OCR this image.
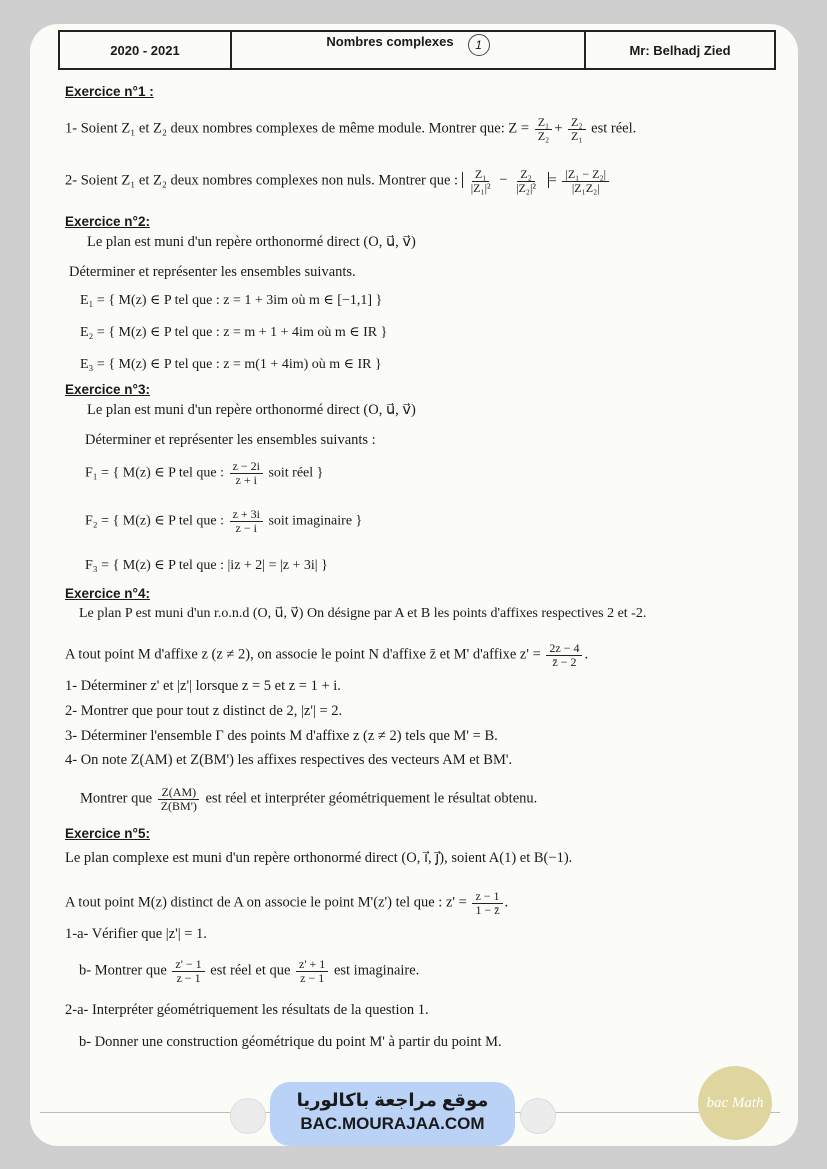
2020 - 2021
Nombres complexes	1	Mr: Belhadj Zied
Exercice n°1 :
1- Soient Z₁ et Z₂ deux nombres complexes de même module. Montrer que: $Z = \frac{\text{Z₁}}{\text{Z₂}} + \frac{\text{Z₂}}{\text{Z₁}}$ est réel.
2- Soient Z₁ et Z₂ deux nombres complexes non nuls. Montrer que : $\frac{\text{Z₁}}{\text{|Z₁|²}} - \frac{\text{Z₂}}{\text{|Z₂|²}} = \frac{\text{|Z₁ − Z₂|}}{\text{|Z₁Z₂|}}$
Exercice n°2:
Le plan est muni d'un repère orthonormé direct (O, u⃗, v⃗)
Déterminer et représenter les ensembles suivants.
E₁ = { M(z) ∈ P tel que : z = 1 + 3im où m ∈ [−1,1] }
E₂ = { M(z) ∈ P tel que : z = m + 1 + 4im où m ∈ IR }
E₃ = { M(z) ∈ P tel que : z = m(1 + 4im) où m ∈ IR }
Exercice n°3:
Le plan est muni d'un repère orthonormé direct (O, u⃗, v⃗)
Déterminer et représenter les ensembles suivants :
F₁ = { M(z) ∈ P tel que : $\frac{z - 2i}{z + i}$ soit réel }
F₂ = { M(z) ∈ P tel que : $\frac{z + 3i}{z - i}$ soit imaginaire }
F₃ = { M(z) ∈ P tel que : |iz + 2| = |z + 3i| }
Exercice n°4:
Le plan P est muni d'un r.o.n.d (O, u⃗, v⃗) On désigne par A et B les points d'affixes respectives 2 et -2.
A tout point M d'affixe z (z ≠ 2), on associe le point N d'affixe z̄ et M' d'affixe $z' = \frac{2z - 4}{z̄ - 2}$ .
1- Déterminer z' et |z'| lorsque z = 5 et z = 1 + i.
2- Montrer que pour tout z distinct de 2, |z'| = 2.
3- Déterminer l'ensemble Γ des points M d'affixe z (z ≠ 2) tels que M' = B.
4- On note Z(AM) et Z(BM') les affixes respectives des vecteurs AM et BM'.
Montrer que $\frac{Z(AM)}{Z(BM')}$ est réel et interpréter géométriquement le résultat obtenu.
Exercice n°5:
Le plan complexe est muni d'un repère orthonormé direct (O, i⃗, j⃗), soient A(1) et B(−1).
A tout point M(z) distinct de A on associe le point M'(z') tel que : $z' = \frac{z - 1}{1 - z̄}$ .
1-a- Vérifier que |z'| = 1.
b- Montrer que $\frac{z' - 1}{z - 1}$ est réel et que $\frac{z' + 1}{z - 1}$ est imaginaire.
2-a- Interpréter géométriquement les résultats de la question 1.
b- Donner une construction géométrique du point M' à partir du point M.
موقع مراجعة باكالوريا
BAC.MOURAJAA.COM
bac Math
